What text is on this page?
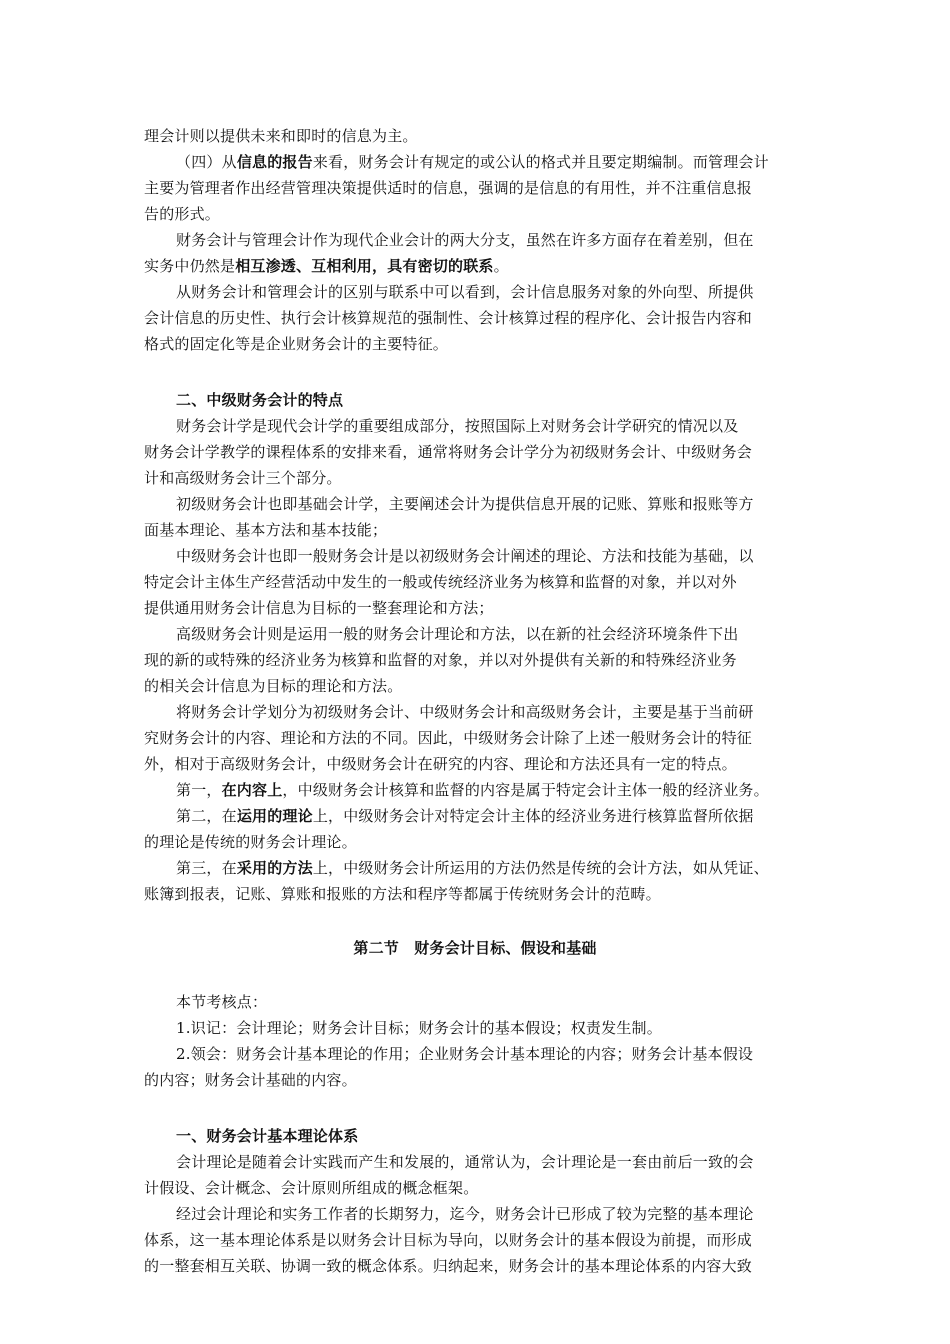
理会计则以提供未来和即时的信息为主。
（四）从信息的报告来看，财务会计有规定的或公认的格式并且要定期编制。而管理会计
主要为管理者作出经营管理决策提供适时的信息，强调的是信息的有用性，并不注重信息报
告的形式。
财务会计与管理会计作为现代企业会计的两大分支，虽然在许多方面存在着差别，但在
实务中仍然是相互渗透、互相利用，具有密切的联系。
从财务会计和管理会计的区别与联系中可以看到，会计信息服务对象的外向型、所提供
会计信息的历史性、执行会计核算规范的强制性、会计核算过程的程序化、会计报告内容和
格式的固定化等是企业财务会计的主要特征。
二、中级财务会计的特点
财务会计学是现代会计学的重要组成部分，按照国际上对财务会计学研究的情况以及
财务会计学教学的课程体系的安排来看，通常将财务会计学分为初级财务会计、中级财务会
计和高级财务会计三个部分。
初级财务会计也即基础会计学，主要阐述会计为提供信息开展的记账、算账和报账等方
面基本理论、基本方法和基本技能；
中级财务会计也即一般财务会计是以初级财务会计阐述的理论、方法和技能为基础，以
特定会计主体生产经营活动中发生的一般或传统经济业务为核算和监督的对象，并以对外
提供通用财务会计信息为目标的一整套理论和方法；
高级财务会计则是运用一般的财务会计理论和方法，以在新的社会经济环境条件下出
现的新的或特殊的经济业务为核算和监督的对象，并以对外提供有关新的和特殊经济业务
的相关会计信息为目标的理论和方法。
将财务会计学划分为初级财务会计、中级财务会计和高级财务会计，主要是基于当前研
究财务会计的内容、理论和方法的不同。因此，中级财务会计除了上述一般财务会计的特征
外，相对于高级财务会计，中级财务会计在研究的内容、理论和方法还具有一定的特点。
第一，在内容上，中级财务会计核算和监督的内容是属于特定会计主体一般的经济业务。
第二，在运用的理论上，中级财务会计对特定会计主体的经济业务进行核算监督所依据
的理论是传统的财务会计理论。
第三，在采用的方法上，中级财务会计所运用的方法仍然是传统的会计方法，如从凭证、
账簿到报表，记账、算账和报账的方法和程序等都属于传统财务会计的范畴。
第二节　财务会计目标、假设和基础
本节考核点：
1.识记：会计理论；财务会计目标；财务会计的基本假设；权责发生制。
2.领会：财务会计基本理论的作用；企业财务会计基本理论的内容；财务会计基本假设
的内容；财务会计基础的内容。
一、财务会计基本理论体系
会计理论是随着会计实践而产生和发展的，通常认为，会计理论是一套由前后一致的会
计假设、会计概念、会计原则所组成的概念框架。
经过会计理论和实务工作者的长期努力，迄今，财务会计已形成了较为完整的基本理论
体系，这一基本理论体系是以财务会计目标为导向，以财务会计的基本假设为前提，而形成
的一整套相互关联、协调一致的概念体系。归纳起来，财务会计的基本理论体系的内容大致
